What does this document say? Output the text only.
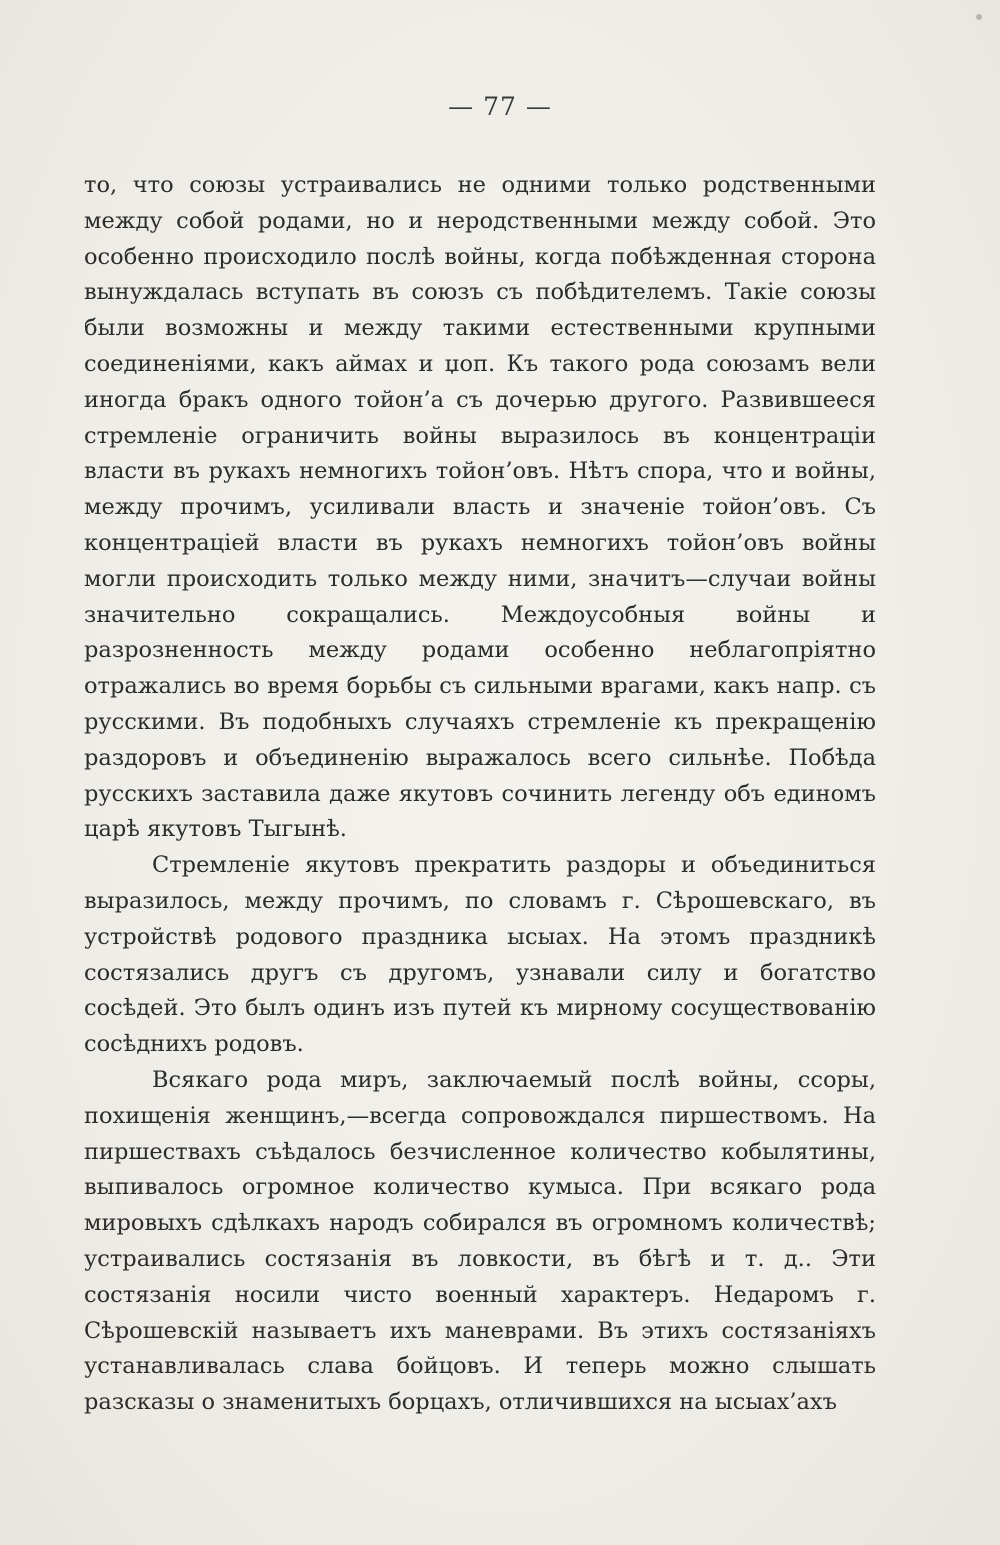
— 77 —

то, что союзы устраивались не одними только родственными между собой родами, но и неродственными между собой. Это особенно происходило послѣ войны, когда побѣжденная сторона вынуждалась вступать въ союзъ съ побѣдителемъ. Такіе союзы были возможны и между такими естественными крупными соединеніями, какъ аймах и џоп. Къ такого рода союзамъ вели иногда бракъ одного тойон’а съ дочерью другого. Развившееся стремленіе ограничить войны выразилось въ концентраціи власти въ рукахъ немногихъ тойон’овъ. Нѣтъ спора, что и войны, между прочимъ, усиливали власть и значеніе тойон’овъ. Съ концентраціей власти въ рукахъ немногихъ тойон’овъ войны могли происходить только между ними, значитъ—случаи войны значительно сокращались. Междоусобныя войны и разрозненность между родами особенно неблагопріятно отражались во время борьбы съ сильными врагами, какъ напр. съ русскими. Въ подобныхъ случаяхъ стремленіе къ прекращенію раздоровъ и объединенію выражалось всего сильнѣе. Побѣда русскихъ заставила даже якутовъ сочинить легенду объ единомъ царѣ якутовъ Тыгынѣ.

Стремленіе якутовъ прекратить раздоры и объединиться выразилось, между прочимъ, по словамъ г. Сѣрошевскаго, въ устройствѣ родового праздника ысыах. На этомъ праздникѣ состязались другъ съ другомъ, узнавали силу и богатство сосѣдей. Это былъ одинъ изъ путей къ мирному сосуществованію сосѣднихъ родовъ.

Всякаго рода миръ, заключаемый послѣ войны, ссоры, похищенія женщинъ,—всегда сопровождался пиршествомъ. На пиршествахъ съѣдалось безчисленное количество кобылятины, выпивалось огромное количество кумыса. При всякаго рода мировыхъ сдѣлкахъ народъ собирался въ огромномъ количествѣ; устраивались состязанія въ ловкости, въ бѣгѣ и т. д.. Эти состязанія носили чисто военный характеръ. Недаромъ г. Сѣрошевскій называетъ ихъ маневрами. Въ этихъ состязаніяхъ устанавливалась слава бойцовъ. И теперь можно слышать разсказы о знаменитыхъ борцахъ, отличившихся на ысыах’ахъ
